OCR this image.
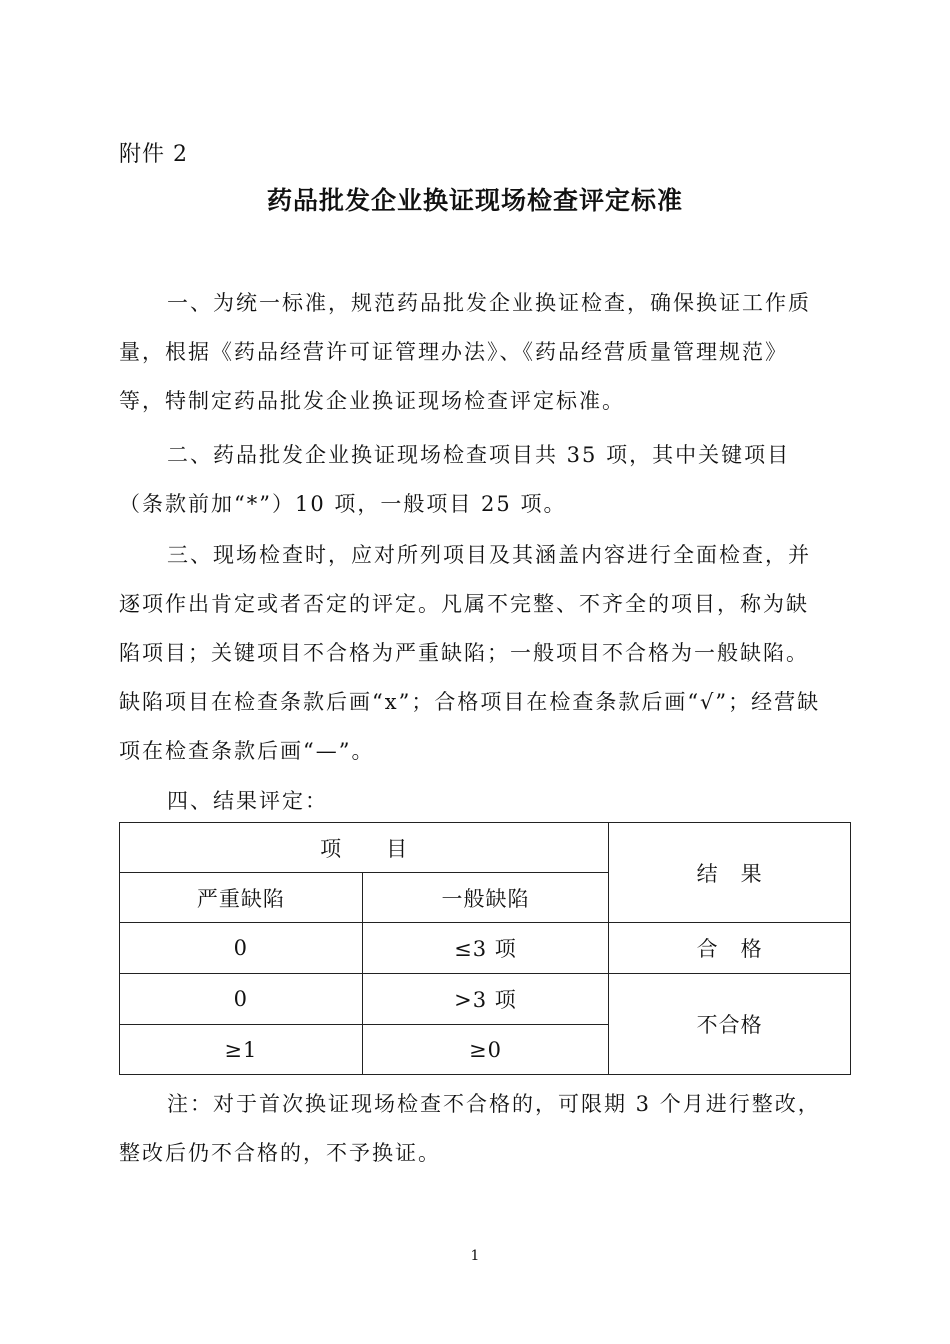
附件 2
药品批发企业换证现场检查评定标准
一、为统一标准，规范药品批发企业换证检查，确保换证工作质量，根据《药品经营许可证管理办法》、《药品经营质量管理规范》等，特制定药品批发企业换证现场检查评定标准。
二、药品批发企业换证现场检查项目共 35 项，其中关键项目（条款前加“*”）10 项，一般项目 25 项。
三、现场检查时，应对所列项目及其涵盖内容进行全面检查，并逐项作出肯定或者否定的评定。凡属不完整、不齐全的项目，称为缺陷项目；关键项目不合格为严重缺陷；一般项目不合格为一般缺陷。缺陷项目在检查条款后画“x”；合格项目在检查条款后画“√”；经营缺项在检查条款后画“—”。
四、结果评定：
项　　目		结　果
严重缺陷	一般缺陷	
0	≤3 项	合　格
0	>3 项	不合格
≥1	≥0	
注：对于首次换证现场检查不合格的，可限期 3 个月进行整改，整改后仍不合格的，不予换证。
1
